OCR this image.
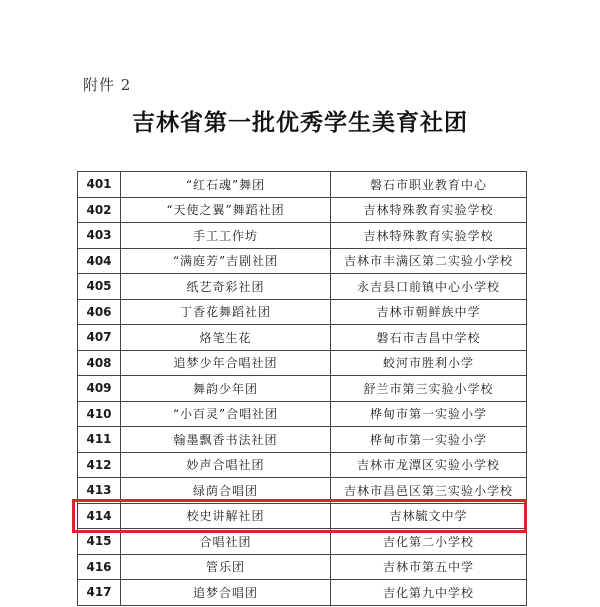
附件 2
吉林省第一批优秀学生美育社团
401	“红石魂”舞团	磐石市职业教育中心
402	“天使之翼”舞蹈社团	吉林特殊教育实验学校
403	手工工作坊	吉林特殊教育实验学校
404	“满庭芳”吉剧社团	吉林市丰满区第二实验小学校
405	纸艺奇彩社团	永吉县口前镇中心小学校
406	丁香花舞蹈社团	吉林市朝鲜族中学
407	烙笔生花	磐石市吉昌中学校
408	追梦少年合唱社团	蛟河市胜利小学
409	舞韵少年团	舒兰市第三实验小学校
410	“小百灵”合唱社团	桦甸市第一实验小学
411	翰墨飘香书法社团	桦甸市第一实验小学
412	妙声合唱社团	吉林市龙潭区实验小学校
413	绿荫合唱团	吉林市昌邑区第三实验小学校
414	校史讲解社团	吉林毓文中学
415	合唱社团	吉化第二小学校
416	管乐团	吉林市第五中学
417	追梦合唱团	吉化第九中学校
